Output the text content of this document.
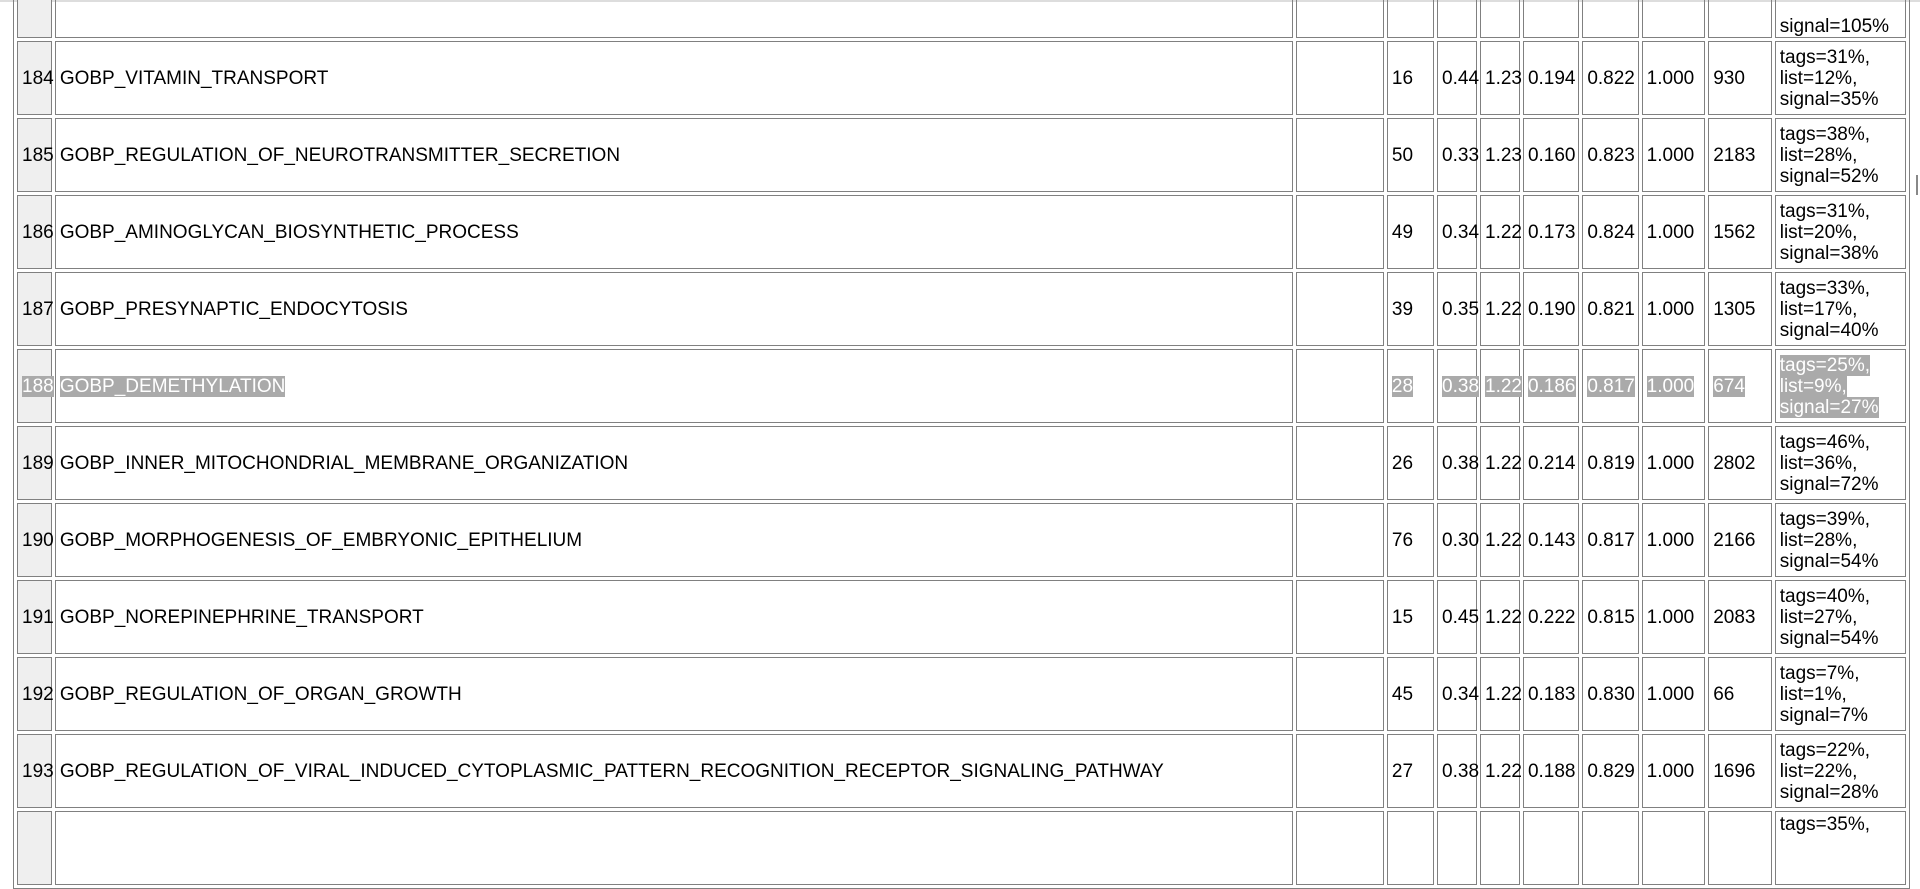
										signal=105%
184	GOBP_VITAMIN_TRANSPORT		16	0.44	1.23	0.194	0.822	1.000	930	tags=31%,
list=12%,
signal=35%
185	GOBP_REGULATION_OF_NEUROTRANSMITTER_SECRETION		50	0.33	1.23	0.160	0.823	1.000	2183	tags=38%,
list=28%,
signal=52%
186	GOBP_AMINOGLYCAN_BIOSYNTHETIC_PROCESS		49	0.34	1.22	0.173	0.824	1.000	1562	tags=31%,
list=20%,
signal=38%
187	GOBP_PRESYNAPTIC_ENDOCYTOSIS		39	0.35	1.22	0.190	0.821	1.000	1305	tags=33%,
list=17%,
signal=40%
188	GOBP_DEMETHYLATION		28	0.38	1.22	0.186	0.817	1.000	674	tags=25%,
list=9%,
signal=27%
189	GOBP_INNER_MITOCHONDRIAL_MEMBRANE_ORGANIZATION		26	0.38	1.22	0.214	0.819	1.000	2802	tags=46%,
list=36%,
signal=72%
190	GOBP_MORPHOGENESIS_OF_EMBRYONIC_EPITHELIUM		76	0.30	1.22	0.143	0.817	1.000	2166	tags=39%,
list=28%,
signal=54%
191	GOBP_NOREPINEPHRINE_TRANSPORT		15	0.45	1.22	0.222	0.815	1.000	2083	tags=40%,
list=27%,
signal=54%
192	GOBP_REGULATION_OF_ORGAN_GROWTH		45	0.34	1.22	0.183	0.830	1.000	66	tags=7%,
list=1%,
signal=7%
193	GOBP_REGULATION_OF_VIRAL_INDUCED_CYTOPLASMIC_PATTERN_RECOGNITION_RECEPTOR_SIGNALING_PATHWAY		27	0.38	1.22	0.188	0.829	1.000	1696	tags=22%,
list=22%,
signal=28%
										tags=35%,
